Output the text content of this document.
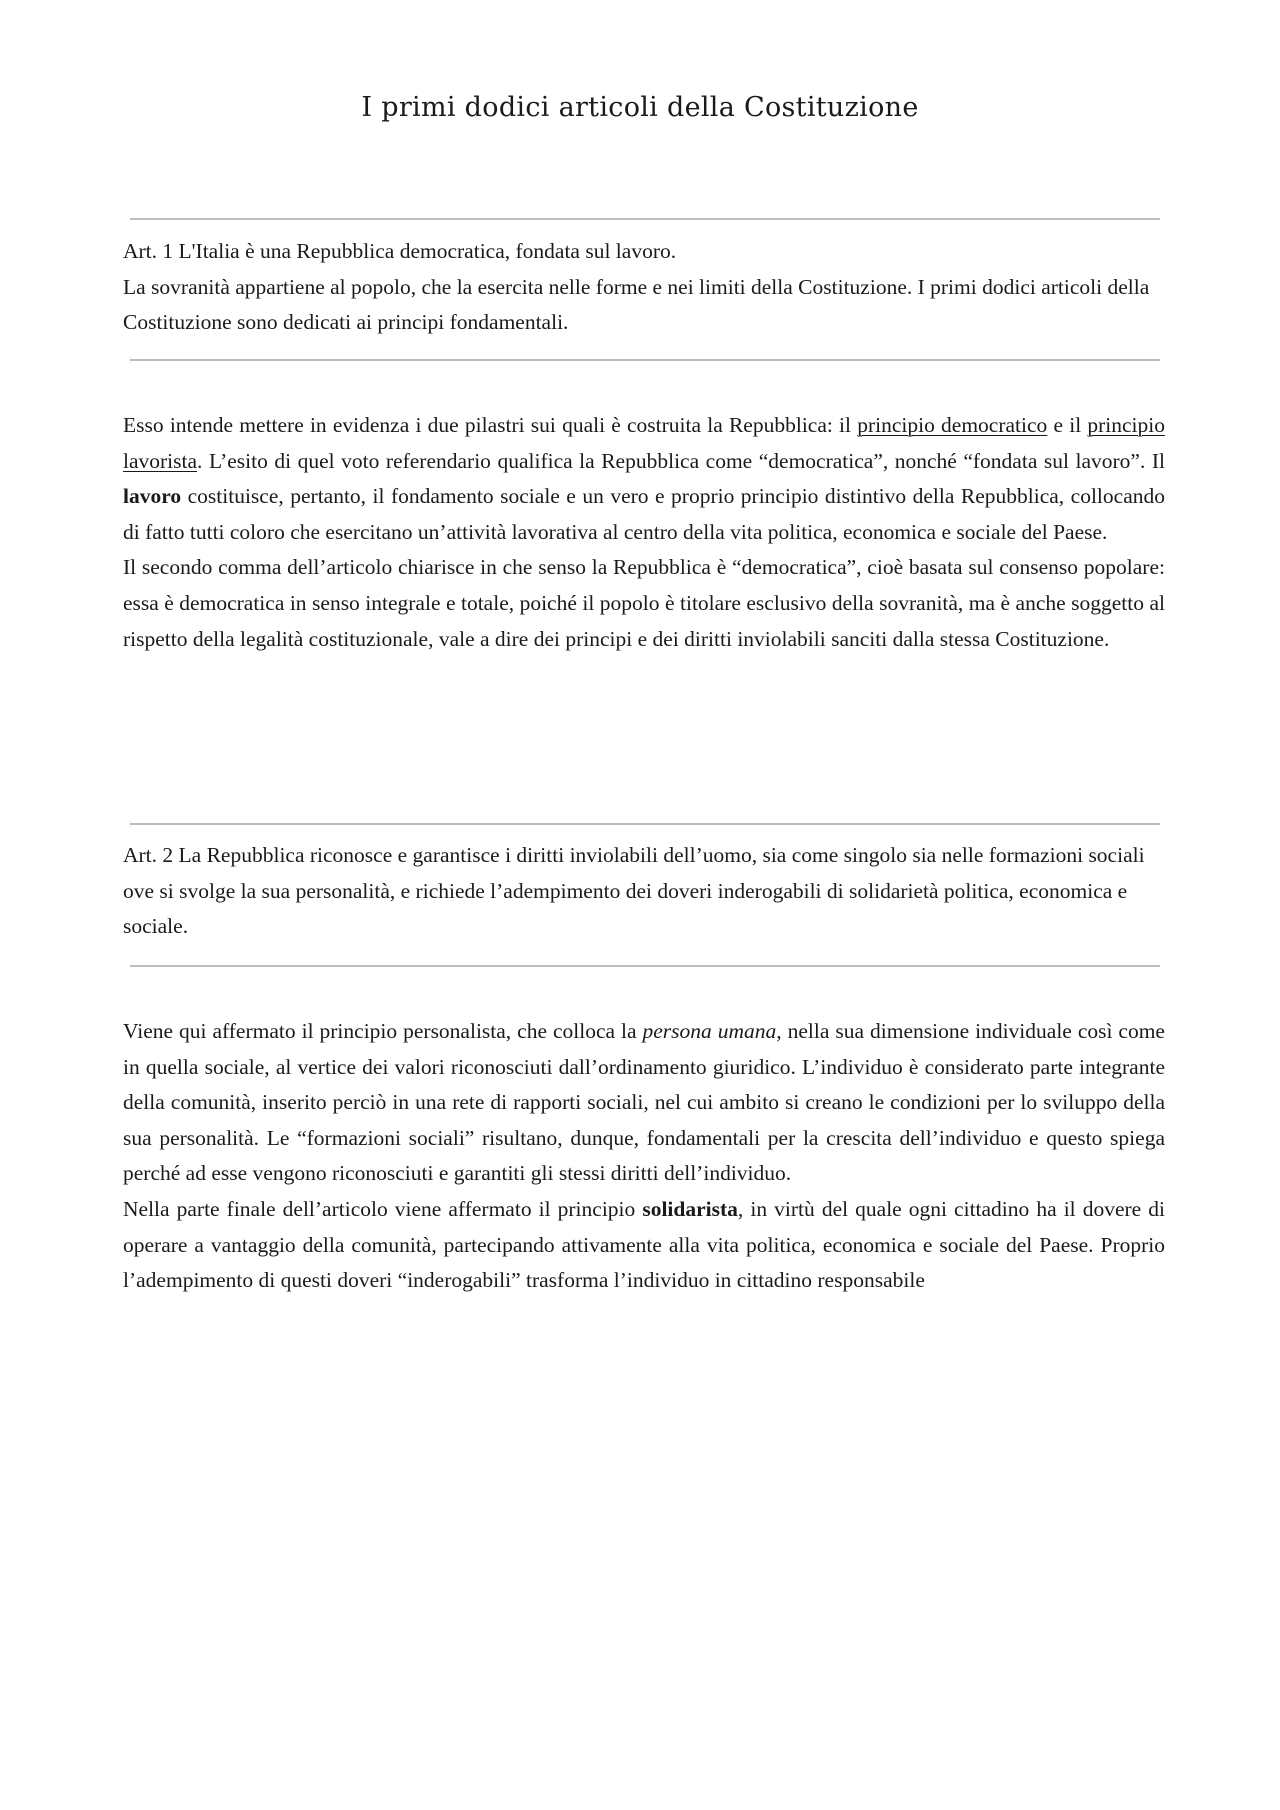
I primi dodici articoli della Costituzione

Art. 1 L'Italia è una Repubblica democratica, fondata sul lavoro.

La sovranità appartiene al popolo, che la esercita nelle forme e nei limiti della Costituzione. I primi dodici articoli della Costituzione sono dedicati ai principi fondamentali.

Esso intende mettere in evidenza i due pilastri sui quali è costruita la Repubblica: il principio democratico e il principio lavorista. L’esito di quel voto referendario qualifica la Repubblica come “democratica”, nonché “fondata sul lavoro”. Il lavoro costituisce, pertanto, il fondamento sociale e un vero e proprio principio distintivo della Repubblica, collocando di fatto tutti coloro che esercitano un’attività lavorativa al centro della vita politica, economica e sociale del Paese.

Il secondo comma dell’articolo chiarisce in che senso la Repubblica è “democratica”, cioè basata sul consenso popolare: essa è democratica in senso integrale e totale, poiché il popolo è titolare esclusivo della sovranità, ma è anche soggetto al rispetto della legalità costituzionale, vale a dire dei principi e dei diritti inviolabili sanciti dalla stessa Costituzione.

Art. 2 La Repubblica riconosce e garantisce i diritti inviolabili dell’uomo, sia come singolo sia nelle formazioni sociali ove si svolge la sua personalità, e richiede l’adempimento dei doveri inderogabili di solidarietà politica, economica e sociale.

Viene qui affermato il principio personalista, che colloca la persona umana, nella sua dimensione individuale così come in quella sociale, al vertice dei valori riconosciuti dall’ordinamento giuridico. L’individuo è considerato parte integrante della comunità, inserito perciò in una rete di rapporti sociali, nel cui ambito si creano le condizioni per lo sviluppo della sua personalità. Le “formazioni sociali” risultano, dunque, fondamentali per la crescita dell’individuo e questo spiega perché ad esse vengono riconosciuti e garantiti gli stessi diritti dell’individuo.

Nella parte finale dell’articolo viene affermato il principio solidarista, in virtù del quale ogni cittadino ha il dovere di operare a vantaggio della comunità, partecipando attivamente alla vita politica, economica e sociale del Paese. Proprio l’adempimento di questi doveri “inderogabili” trasforma l’individuo in cittadino responsabile
